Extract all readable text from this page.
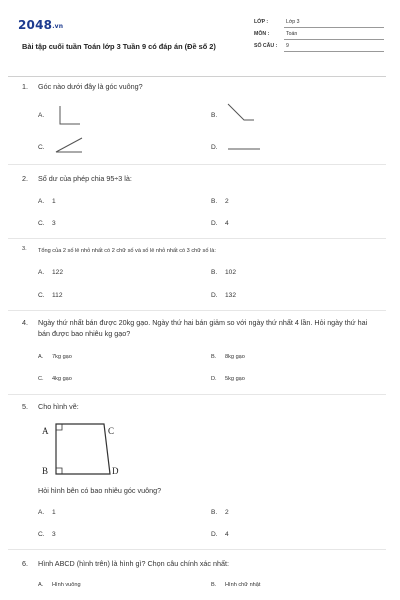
2048.vn
Bài tập cuối tuần Toán lớp 3 Tuần 9 có đáp án (Đề số 2)
LỚP :	Lớp 3
MÔN :	Toán
SỐ CÂU :	9
1. Góc nào dưới đây là góc vuông?
A.	B.
C.	D.
2. Số dư của phép chia 95÷3 là:
A. 1	B. 2
C. 3	D. 4
3. Tổng của 2 số lẻ nhỏ nhất có 2 chữ số và số lẻ nhỏ nhất có 3 chữ số là:
A. 122	B. 102
C. 112	D. 132
4. Ngày thứ nhất bán được 20kg gạo. Ngày thứ hai bán giảm so với ngày thứ nhất 4 lần. Hỏi ngày thứ hai bán được bao nhiêu kg gạo?
A. 7kg gạo	B. 8kg gạo
C. 4kg gạo	D. 5kg gạo
5. Cho hình vẽ:
A	C
B	D
Hỏi hình bên có bao nhiêu góc vuông?
A. 1	B. 2
C. 3	D. 4
6. Hình ABCD (hình trên) là hình gì? Chọn câu chính xác nhất:
A. Hình vuông	B. Hình chữ nhật
